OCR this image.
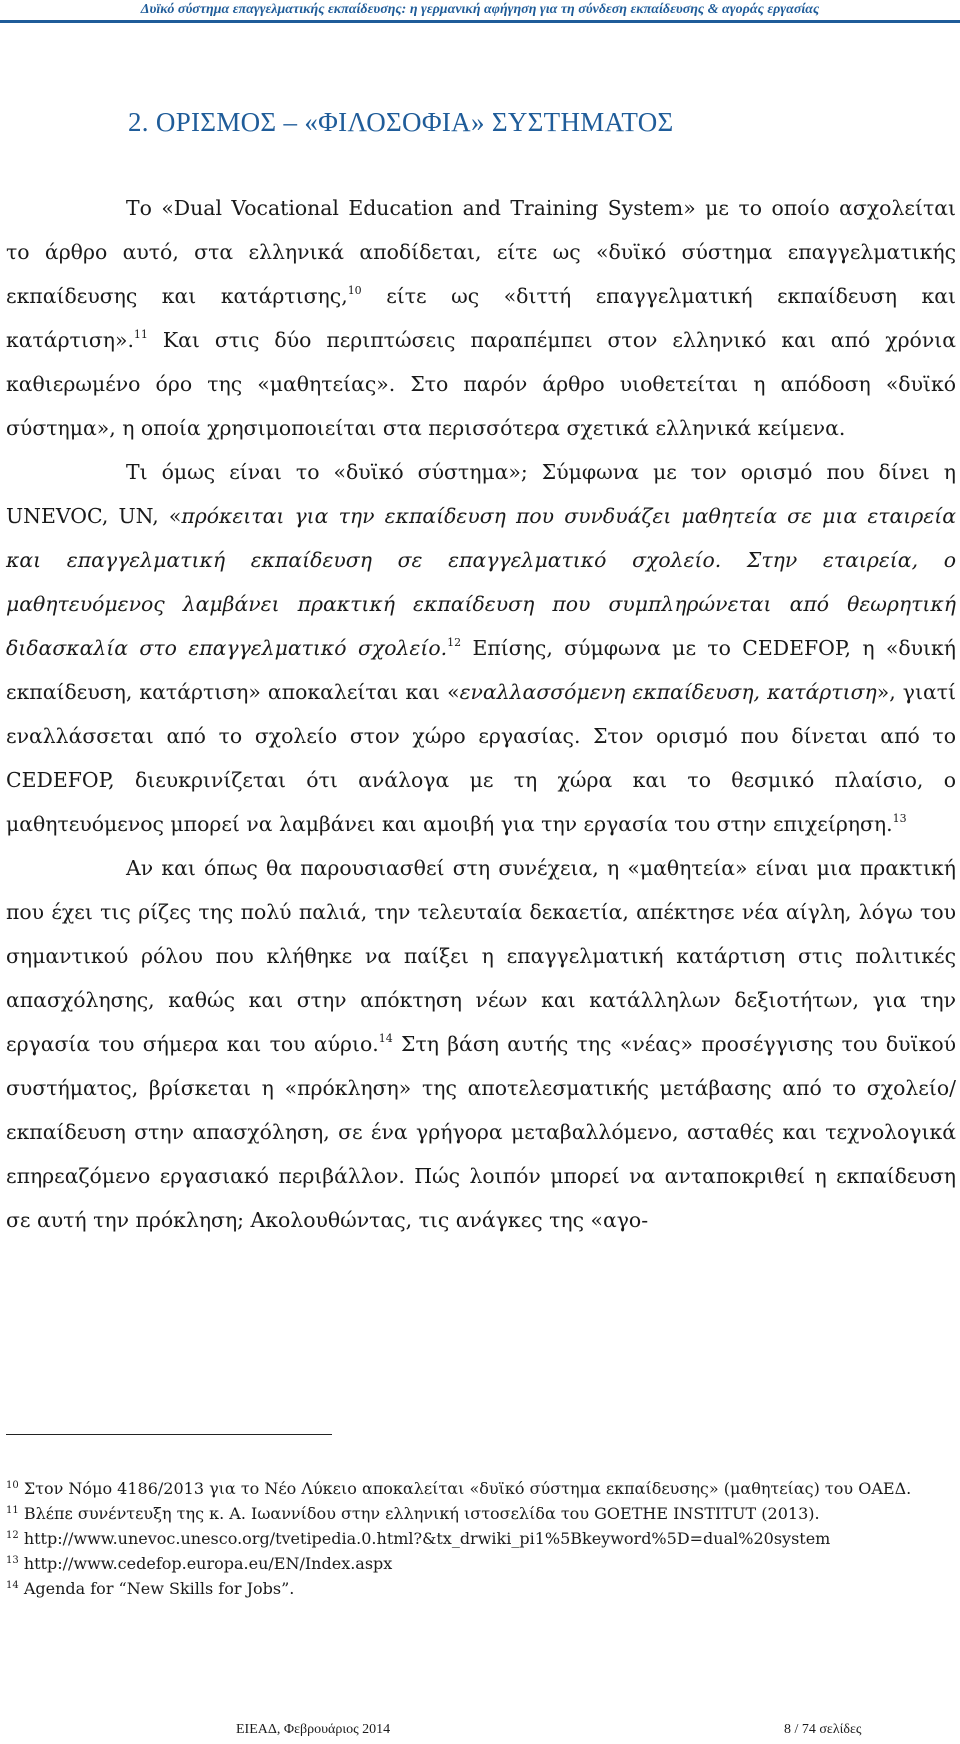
Δυϊκό σύστημα επαγγελματικής εκπαίδευσης: η γερμανική αφήγηση για τη σύνδεση εκπαίδευσης & αγοράς εργασίας
2. ΟΡΙΣΜΟΣ – «ΦΙΛΟΣΟΦΙΑ» ΣΥΣΤΗΜΑΤΟΣ

Το «Dual Vocational Education and Training System» με το οποίο ασχολείται το άρθρο αυτό, στα ελληνικά αποδίδεται, είτε ως «δυϊκό σύστημα επαγγελματικής εκπαίδευσης και κατάρτισης,$^{10}$ είτε ως «διττή επαγγελματική εκπαίδευση και κατάρτιση».$^{11}$ Και στις δύο περιπτώσεις παραπέμπει στον ελληνικό και από χρόνια καθιερωμένο όρο της «μαθητείας». Στο παρόν άρθρο υιοθετείται η απόδοση «δυϊκό σύστημα», η οποία χρησιμοποιείται στα περισσότερα σχετικά ελληνικά κείμενα.

Τι όμως είναι το «δυϊκό σύστημα»; Σύμφωνα με τον ορισμό που δίνει η UNEVOC, UN, «πρόκειται για την εκπαίδευση που συνδυάζει μαθητεία σε μια εταιρεία και επαγγελματική εκπαίδευση σε επαγγελματικό σχολείο. Στην εταιρεία, ο μαθητευόμενος λαμβάνει πρακτική εκπαίδευση που συμπληρώνεται από θεωρητική διδασκαλία στο επαγγελματικό σχολείο.$^{12}$ Επίσης, σύμφωνα με το CEDEFOP, η «δυική εκπαίδευση, κατάρτιση» αποκαλείται και «εναλλασσόμενη εκπαίδευση, κατάρτιση», γιατί εναλλάσσεται από το σχολείο στον χώρο εργασίας. Στον ορισμό που δίνεται από το CEDEFOP, διευκρινίζεται ότι ανάλογα με τη χώρα και το θεσμικό πλαίσιο, ο μαθητευόμενος μπορεί να λαμβάνει και αμοιβή για την εργασία του στην επιχείρηση.$^{13}$

Αν και όπως θα παρουσιασθεί στη συνέχεια, η «μαθητεία» είναι μια πρακτική που έχει τις ρίζες της πολύ παλιά, την τελευταία δεκαετία, απέκτησε νέα αίγλη, λόγω του σημαντικού ρόλου που κλήθηκε να παίξει η επαγγελματική κατάρτιση στις πολιτικές απασχόλησης, καθώς και στην απόκτηση νέων και κατάλληλων δεξιοτήτων, για την εργασία του σήμερα και του αύριο.$^{14}$ Στη βάση αυτής της «νέας» προσέγγισης του δυϊκού συστήματος, βρίσκεται η «πρόκληση» της αποτελεσματικής μετάβασης από το σχολείο/εκπαίδευση στην απασχόληση, σε ένα γρήγορα μεταβαλλόμενο, ασταθές και τεχνολογικά επηρεαζόμενο εργασιακό περιβάλλον. Πώς λοιπόν μπορεί να ανταποκριθεί η εκπαίδευση σε αυτή την πρόκληση; Ακολουθώντας, τις ανάγκες της «αγο-

$^{10}$ Στον Νόμο 4186/2013 για το Νέο Λύκειο αποκαλείται «δυϊκό σύστημα εκπαίδευσης» (μαθητείας) του ΟΑΕΔ.

$^{11}$ Βλέπε συνέντευξη της κ. Α. Ιωαννίδου στην ελληνική ιστοσελίδα του GOETHE INSTITUT (2013).

$^{12}$ http://www.unevoc.unesco.org/tvetipedia.0.html?&tx_drwiki_pi1%5Bkeyword%5D=dual%20system

$^{13}$ http://www.cedefop.europa.eu/EN/Index.aspx

$^{14}$ Agenda for “New Skills for Jobs”.

ΕΙΕΑΔ, Φεβρουάριος 2014	8 / 74 σελίδες
